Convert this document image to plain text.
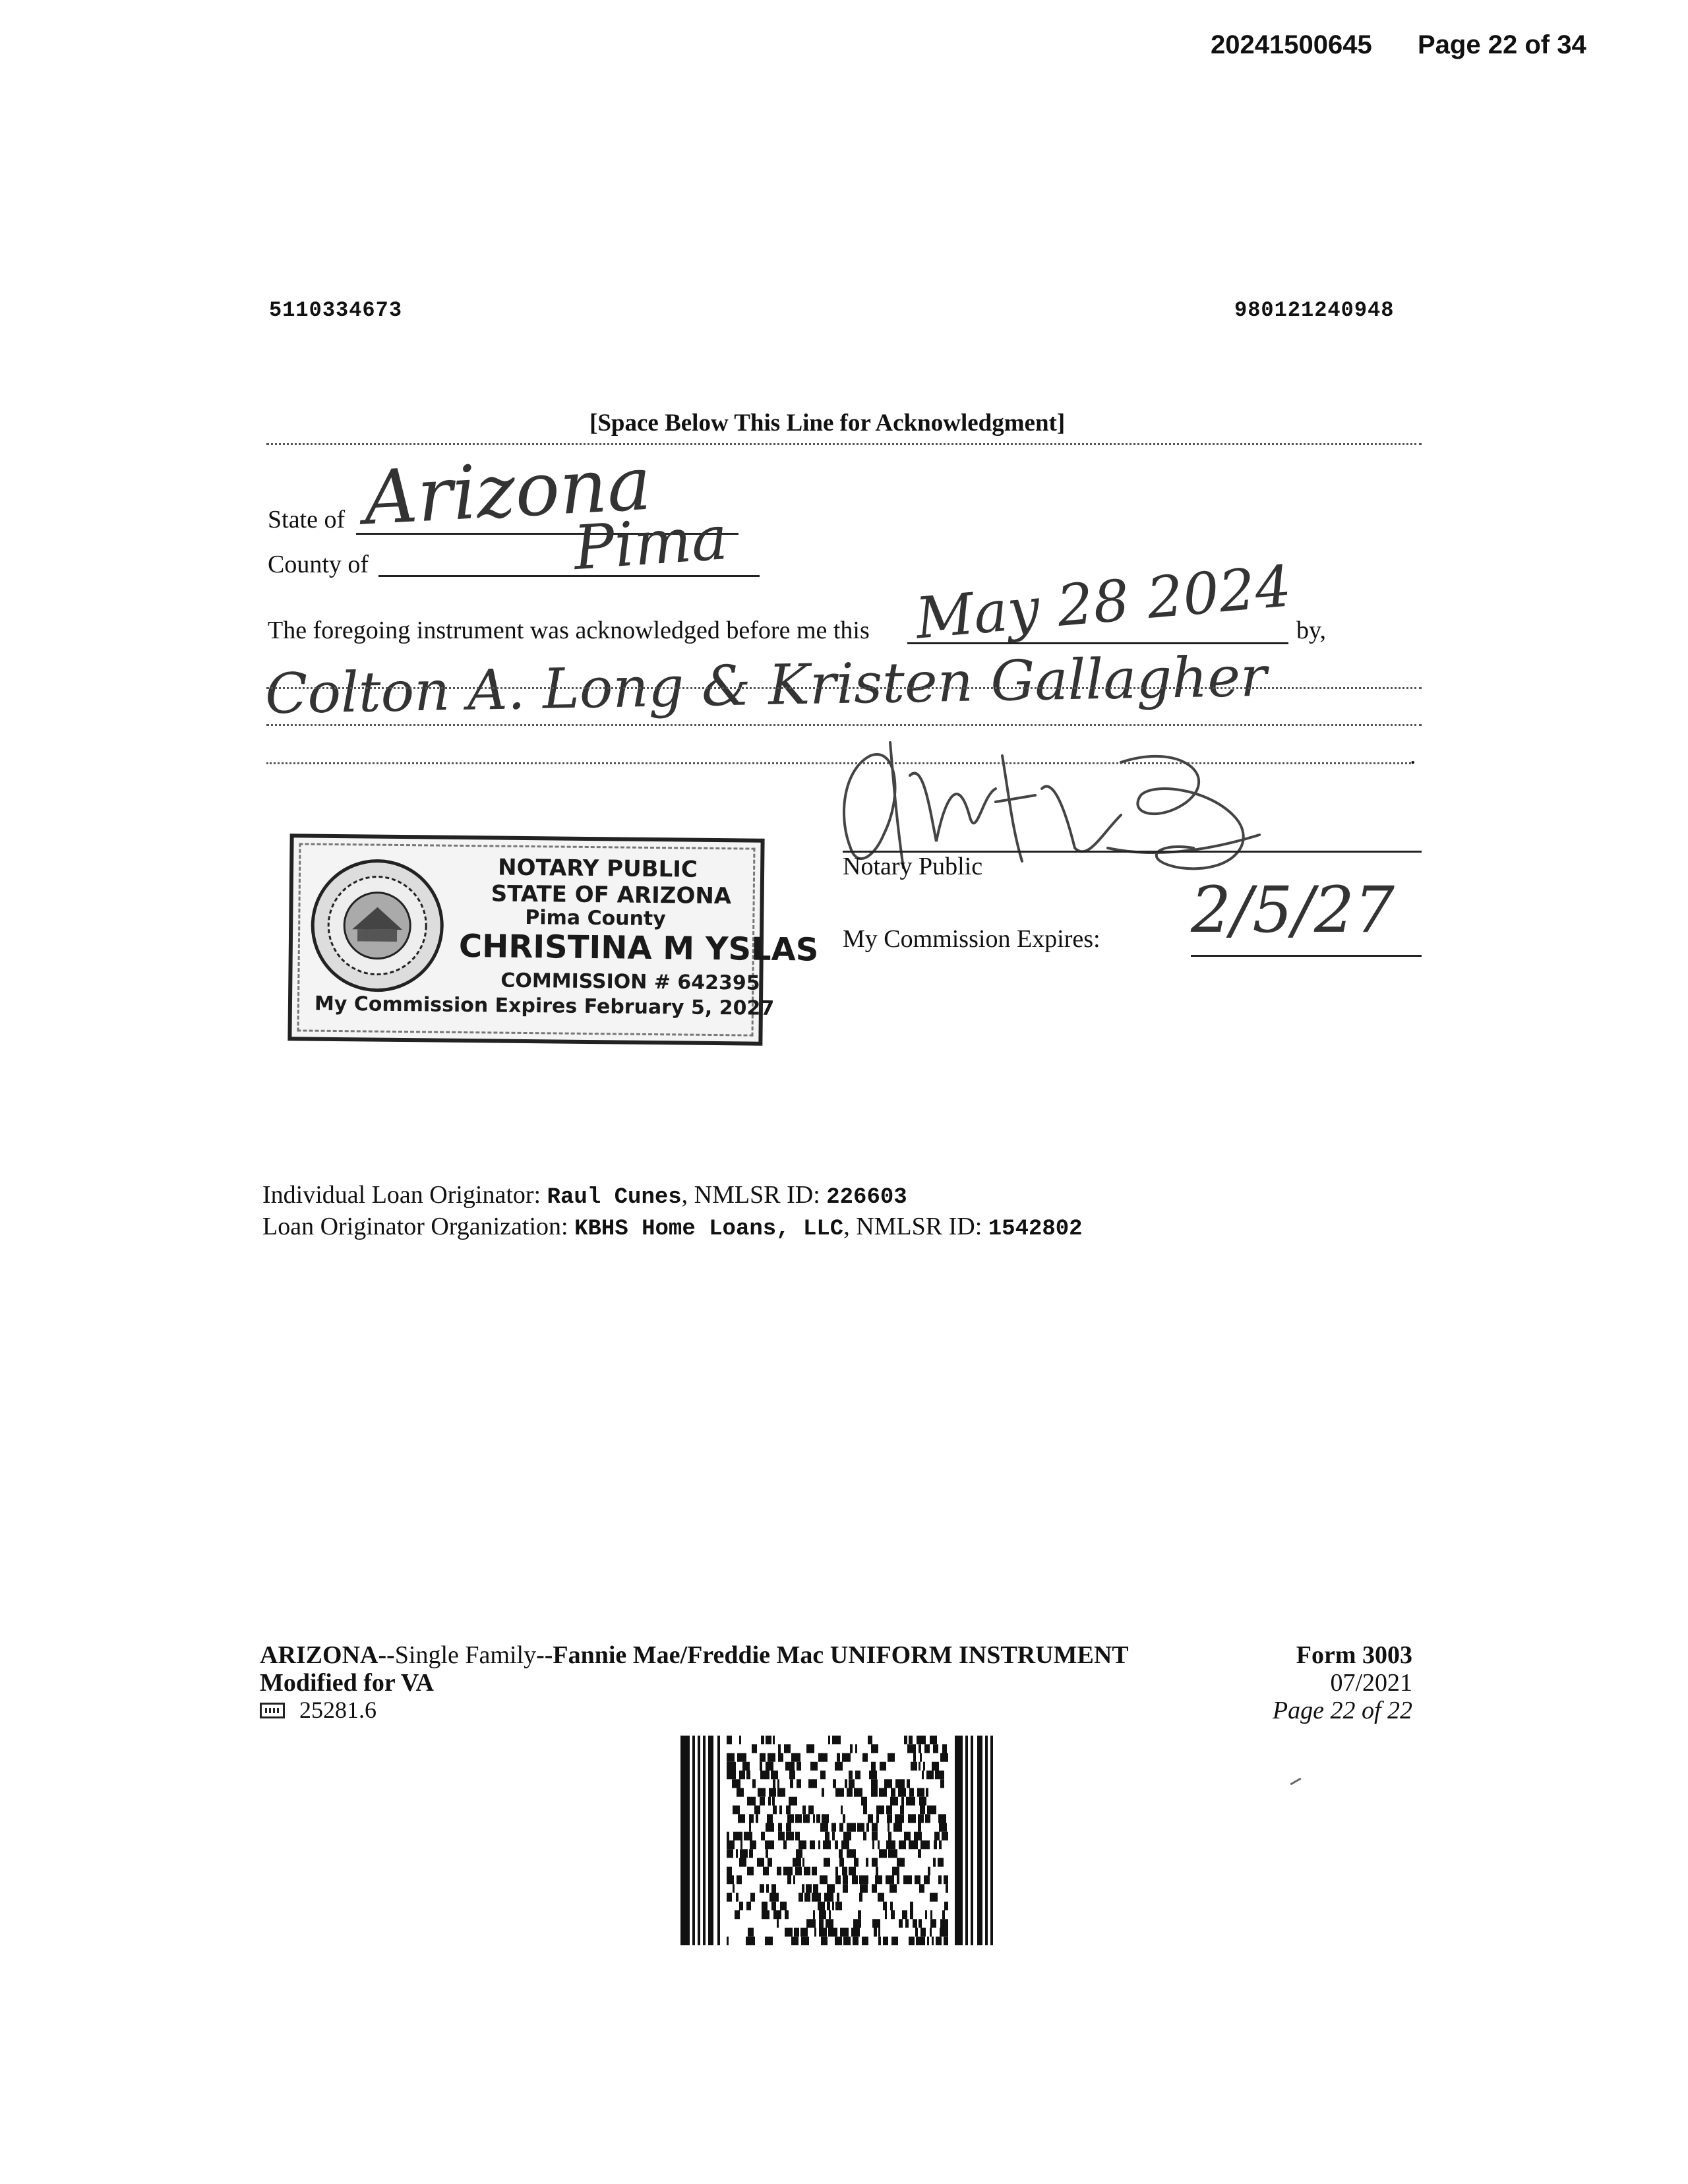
20241500645 Page 22 of 34
5110334673	980121240948
[Space Below This Line for Acknowledgment]
State of Arizona
County of	Pima
The foregoing instrument was acknowledged before me this May 28 2024 by,
Colton A. Long & Kristen Gallagher
.
Notary Public
My Commission Expires: 2/5/27
NOTARY PUBLIC
STATE OF ARIZONA
Pima County
CHRISTINA M YSLAS
COMMISSION # 642395
My Commission Expires February 5, 2027
Individual Loan Originator: Raul Cunes, NMLSR ID: 226603
Loan Originator Organization: KBHS Home Loans, LLC, NMLSR ID: 1542802
ARIZONA--Single Family--Fannie Mae/Freddie Mac UNIFORM INSTRUMENT
Modified for VA
25281.6
Form 3003
07/2021
Page 22 of 22
